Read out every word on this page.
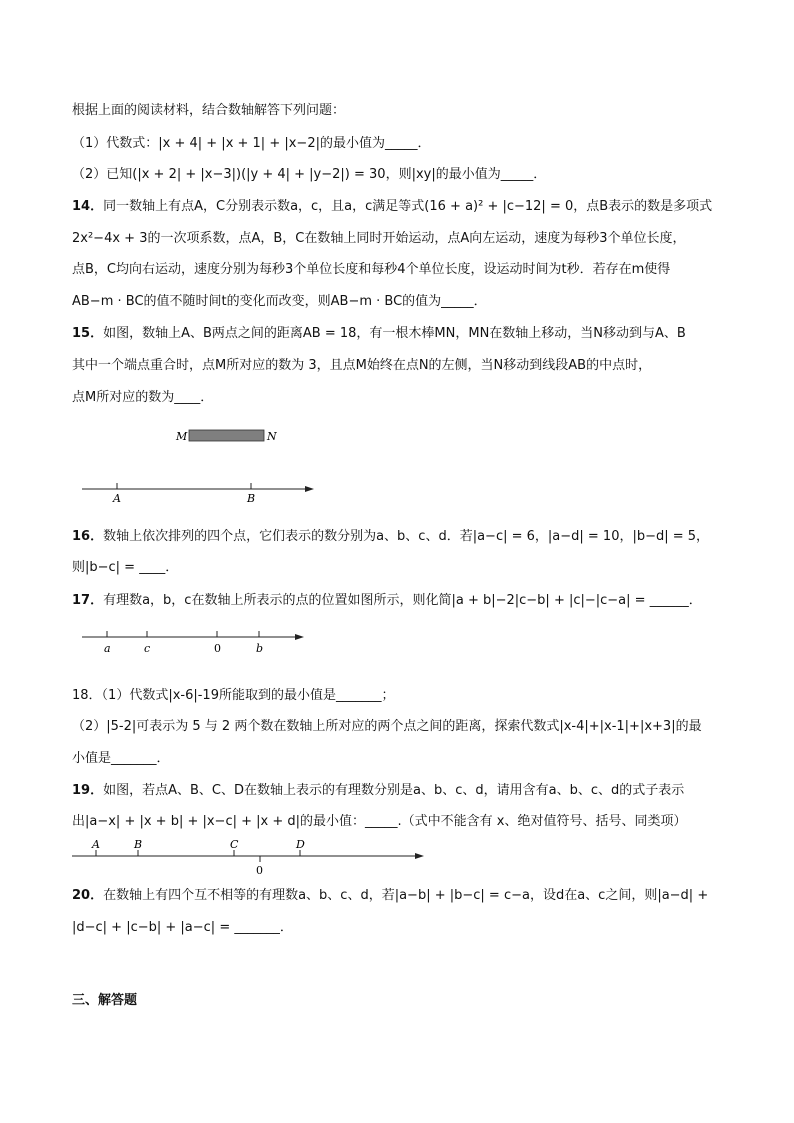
根据上面的阅读材料，结合数轴解答下列问题：
（1）代数式：|x + 4| + |x + 1| + |x−2|的最小值为_____．
（2）已知(|x + 2| + |x−3|)(|y + 4| + |y−2|) = 30，则|xy|的最小值为_____．
14．同一数轴上有点A，C分别表示数a，c，且a，c满足等式(16 + a)² + |c−12| = 0，点B表示的数是多项式
2x²−4x + 3的一次项系数，点A，B，C在数轴上同时开始运动，点A向左运动，速度为每秒3个单位长度，
点B，C均向右运动，速度分别为每秒3个单位长度和每秒4个单位长度，设运动时间为t秒．若存在m使得
AB−m · BC的值不随时间t的变化而改变，则AB−m · BC的值为_____．
15．如图，数轴上A、B两点之间的距离AB = 18，有一根木棒MN，MN在数轴上移动，当N移动到与A、B
其中一个端点重合时，点M所对应的数为 3，且点M始终在点N的左侧，当N移动到线段AB的中点时，
点M所对应的数为____．
M	N
A	B
16．数轴上依次排列的四个点，它们表示的数分别为a、b、c、d．若|a−c| = 6，|a−d| = 10，|b−d| = 5，
则|b−c| = ____．
17．有理数a，b，c在数轴上所表示的点的位置如图所示，则化简|a + b|−2|c−b| + |c|−|c−a| = ______．
a	c	0	b
18．（1）代数式|x-6|-19所能取到的最小值是_______；
（2）|5-2|可表示为 5 与 2 两个数在数轴上所对应的两个点之间的距离，探索代数式|x-4|+|x-1|+|x+3|的最
小值是_______．
19．如图，若点A、B、C、D在数轴上表示的有理数分别是a、b、c、d，请用含有a、b、c、d的式子表示
出|a−x| + |x + b| + |x−c| + |x + d|的最小值：_____.（式中不能含有 x、绝对值符号、括号、同类项）
A	B	C	D
0
20．在数轴上有四个互不相等的有理数a、b、c、d，若|a−b| + |b−c| = c−a，设d在a、c之间，则|a−d| +
|d−c| + |c−b| + |a−c| = _______．
三、解答题
